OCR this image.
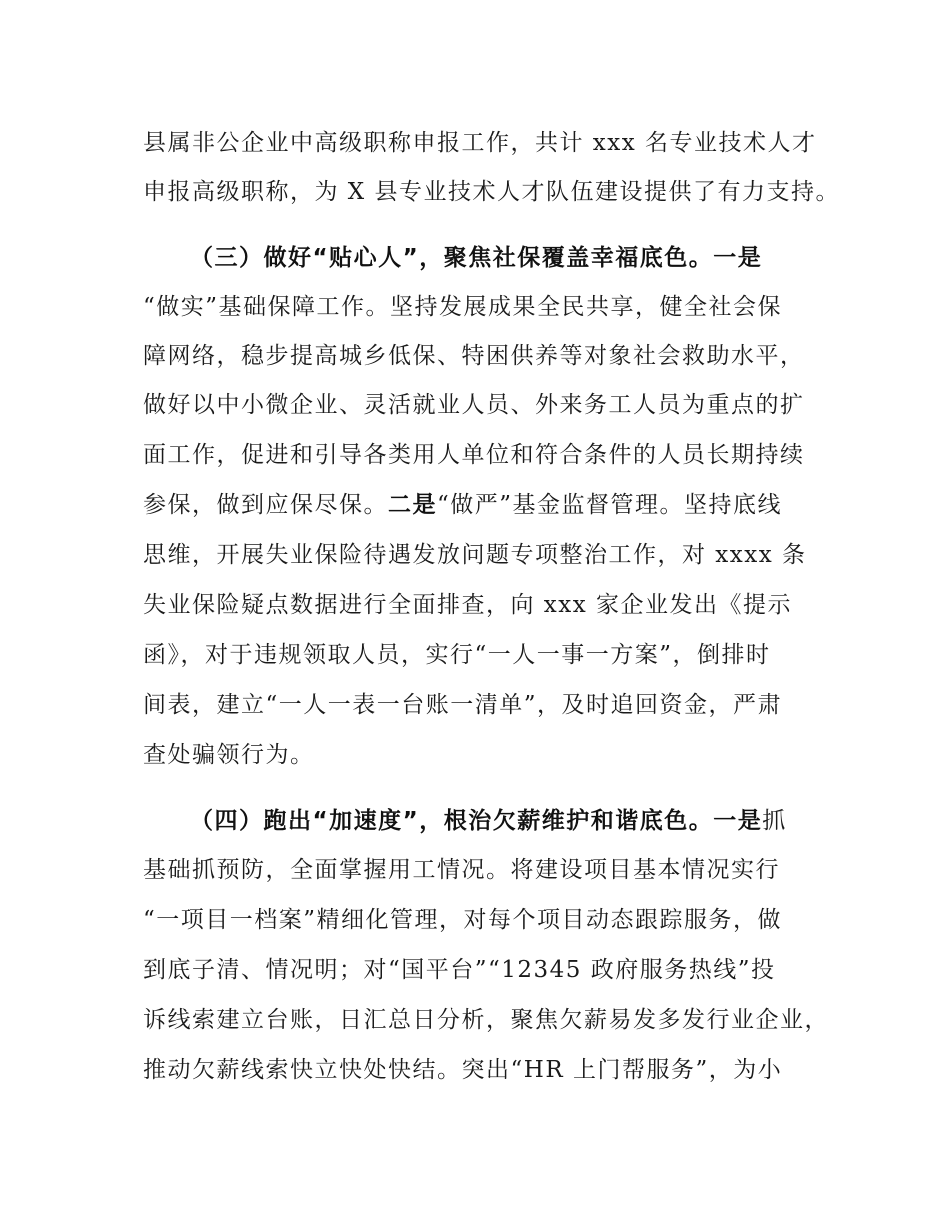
县属非公企业中高级职称申报工作，共计 xxx 名专业技术人才
申报高级职称，为 X 县专业技术人才队伍建设提供了有力支持。
（三）做好“贴心人”，聚焦社保覆盖幸福底色。一是
“做实”基础保障工作。坚持发展成果全民共享，健全社会保
障网络，稳步提高城乡低保、特困供养等对象社会救助水平，
做好以中小微企业、灵活就业人员、外来务工人员为重点的扩
面工作，促进和引导各类用人单位和符合条件的人员长期持续
参保，做到应保尽保。二是“做严”基金监督管理。坚持底线
思维，开展失业保险待遇发放问题专项整治工作，对 xxxx 条
失业保险疑点数据进行全面排查，向 xxx 家企业发出《提示
函》，对于违规领取人员，实行“一人一事一方案”，倒排时
间表，建立“一人一表一台账一清单”，及时追回资金，严肃
查处骗领行为。
（四）跑出“加速度”，根治欠薪维护和谐底色。一是抓
基础抓预防，全面掌握用工情况。将建设项目基本情况实行
“一项目一档案”精细化管理，对每个项目动态跟踪服务，做
到底子清、情况明；对“国平台”“12345 政府服务热线”投
诉线索建立台账，日汇总日分析，聚焦欠薪易发多发行业企业，
推动欠薪线索快立快处快结。突出“HR 上门帮服务”，为小
